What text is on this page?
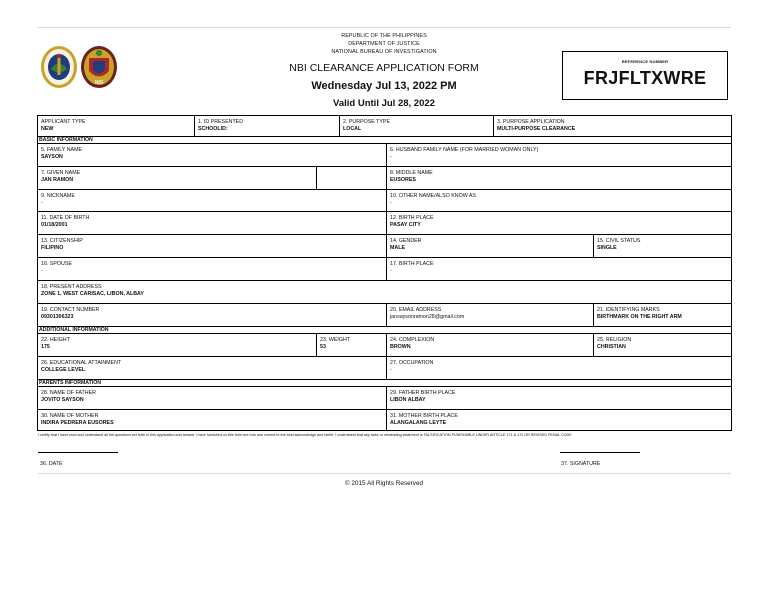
NBI
REPUBLIC OF THE PHILIPPINES
DEPARTMENT OF JUSTICE
NATIONAL BUREAU OF INVESTIGATION
NBI CLEARANCE APPLICATION FORM
Wednesday Jul 13, 2022 PM
Valid Until Jul 28, 2022
REFERENCE NUMBER
FRJFLTXWRE
APPLICANT TYPE
NEW
1. ID PRESENTED
SCHOOLID:
2. PURPOSE TYPE
LOCAL
3. PURPOSE APPLICATION
MULTI-PURPOSE CLEARANCE
BASIC INFORMATION
5. FAMILY NAME
SAYSON
6. HUSBAND FAMILY NAME (FOR MARRIED WOMAN ONLY)
-
7. GIVEN NAME
JAN RAMON
8. MIDDLE NAME
EUSORES
9. NICKNAME
-
10. OTHER NAME/ALSO KNOW AS
-
11. DATE OF BIRTH
01/18/2001
12. BIRTH PLACE
PASAY CITY
13. CITIZENSHIP
FILIPINO
14. GENDER
MALE
15. CIVIL STATUS
SINGLE
16. SPOUSE
-
17. BIRTH PLACE
-
18. PRESENT ADDRESS
ZONE 1, WEST CARISAC, LIBON, ALBAY
19. CONTACT NUMBER
09301306323
20. EMAIL ADDRESS
jansaysonramon28@gmail.com
21. IDENTIFYING MARKS
BIRTHMARK ON THE RIGHT ARM
ADDITIONAL INFORMATION
22. HEIGHT
175
23. WEIGHT
53
24. COMPLEXION
BROWN
25. RELIGION
CHRISTIAN
26. EDUCATIONAL ATTAINMENT
COLLEGE LEVEL
27. OCCUPATION
-
PARENTS INFORMATION
28. NAME OF FATHER
JOVITO SAYSON
29. FATHER BIRTH PLACE
LIBON ALBAY
30. NAME OF MOTHER
INDIRA PEDRERA EUSORES
31. MOTHER BIRTH PLACE
ALANGALANG LEYTE
I certify that I have read and understand all the questions set forth in this application and answer I have furnished on this form are true and correct to the best acknowledge and belief. I understand that any false or misleading statement is FALSIFICATION PUNISHABLE UNDER ARTICLE 171 & 172 OR REVISED PENAL CODE
36. DATE	37. SIGNATURE
© 2015 All Rights Reserved
